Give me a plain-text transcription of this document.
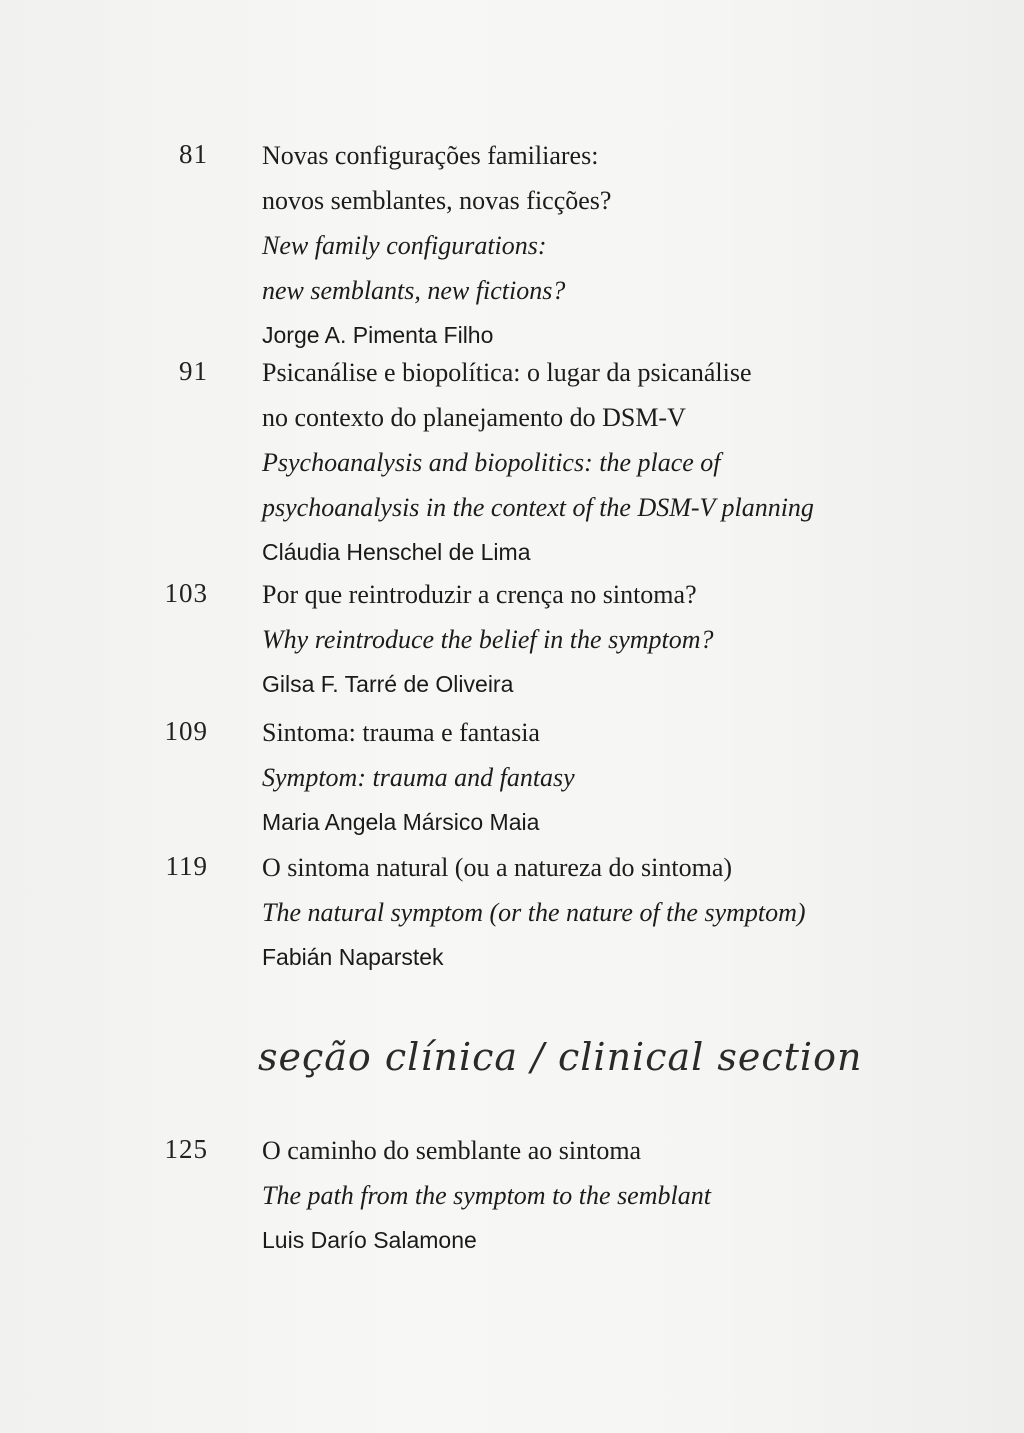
81 Novas configurações familiares:
novos semblantes, novas ficções?
New family configurations:
new semblants, new fictions?
Jorge A. Pimenta Filho
91 Psicanálise e biopolítica: o lugar da psicanálise
no contexto do planejamento do DSM-V
Psychoanalysis and biopolitics: the place of
psychoanalysis in the context of the DSM-V planning
Cláudia Henschel de Lima
103 Por que reintroduzir a crença no sintoma?
Why reintroduce the belief in the symptom?
Gilsa F. Tarré de Oliveira
109 Sintoma: trauma e fantasia
Symptom: trauma and fantasy
Maria Angela Mársico Maia
119 O sintoma natural (ou a natureza do sintoma)
The natural symptom (or the nature of the symptom)
Fabián Naparstek
seção clínica / clinical section
125 O caminho do semblante ao sintoma
The path from the symptom to the semblant
Luis Darío Salamone
